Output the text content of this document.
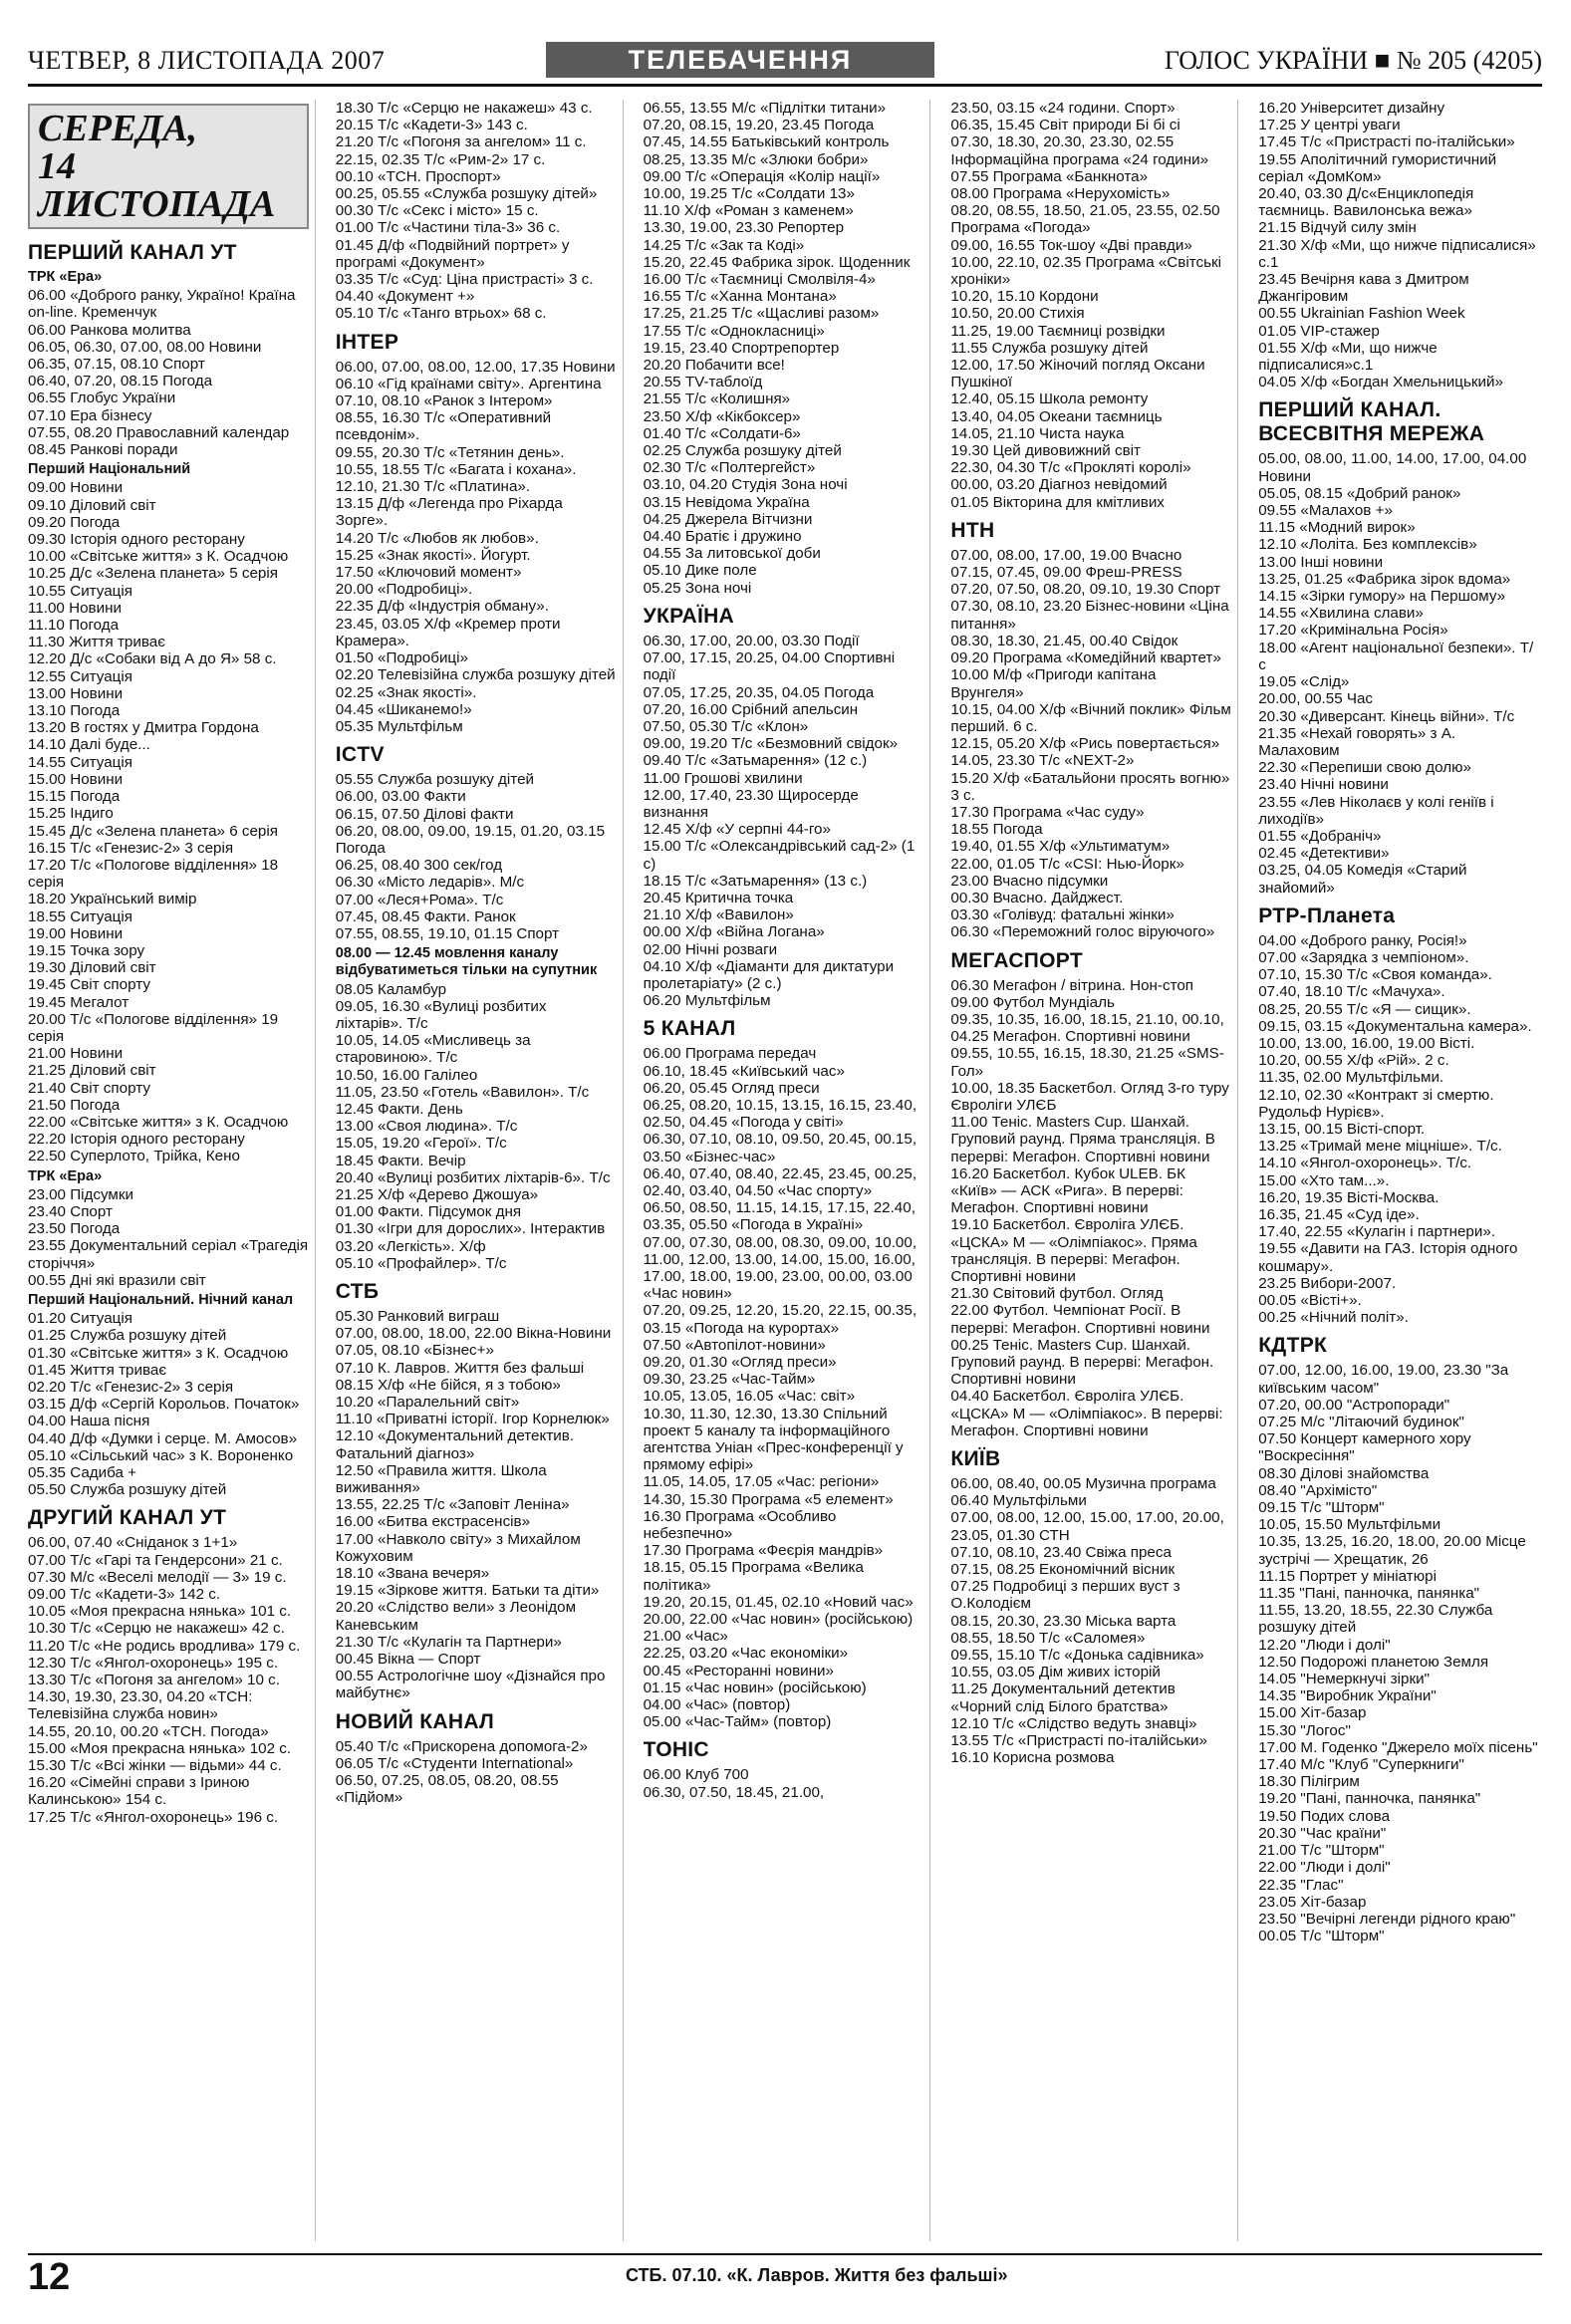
ЧЕТВЕР, 8 ЛИСТОПАДА 2007	ТЕЛЕБАЧЕННЯ	ГОЛОС УКРАЇНИ ■ № 205 (4205)
СЕРЕДА,
14 ЛИСТОПАДА
ПЕРШИЙ КАНАЛ УТ
ТРК «Ера»
06.00 «Доброго ранку, Україно! Країна on-line. Кременчук
06.00 Ранкова молитва
06.05, 06.30, 07.00, 08.00 Новини
06.35, 07.15, 08.10 Спорт
06.40, 07.20, 08.15 Погода
06.55 Глобус України
07.10 Ера бізнесу
07.55, 08.20 Православний календар
08.45 Ранкові поради
Перший Національний
09.00 Новини
09.10 Діловий світ
09.20 Погода
09.30 Історія одного ресторану
10.00 «Світське життя» з К. Осадчою
10.25 Д/с «Зелена планета» 5 серія
10.55 Ситуація
11.00 Новини
11.10 Погода
11.30 Життя триває
12.20 Д/с «Собаки від А до Я» 58 с.
12.55 Ситуація
13.00 Новини
13.10 Погода
13.20 В гостях у Дмитра Гордона
14.10 Далі буде...
14.55 Ситуація
15.00 Новини
15.15 Погода
15.25 Індиго
15.45 Д/с «Зелена планета» 6 серія
16.15 Т/с «Генезис-2» 3 серія
17.20 Т/с «Пологове відділення» 18 серія
18.20 Український вимір
18.55 Ситуація
19.00 Новини
19.15 Точка зору
19.30 Діловий світ
19.45 Світ спорту
19.45 Мегалот
20.00 Т/с «Пологове відділення» 19 серія
21.00 Новини
21.25 Діловий світ
21.40 Світ спорту
21.50 Погода
22.00 «Світське життя» з К. Осадчою
22.20 Історія одного ресторану
22.50 Суперлото, Трійка, Кено
ТРК «Ера»
23.00 Підсумки
23.40 Спорт
23.50 Погода
23.55 Документальний серіал «Трагедія сторіччя»
00.55 Дні які вразили світ
Перший Національний. Нічний канал
01.20 Ситуація
01.25 Служба розшуку дітей
01.30 «Світське життя» з К. Осадчою
01.45 Життя триває
02.20 Т/с «Генезис-2» 3 серія
03.15 Д/ф «Сергій Корольов. Початок»
04.00 Наша пісня
04.40 Д/ф «Думки і серце. М. Амосов»
05.10 «Сільський час» з К. Вороненко
05.35 Садиба +
05.50 Служба розшуку дітей
ДРУГИЙ КАНАЛ УТ
06.00, 07.40 «Сніданок з 1+1»
07.00 Т/с «Гарі та Гендерсони» 21 с.
07.30 М/с «Веселі мелодії — 3» 19 с.
09.00 Т/с «Кадети-3» 142 с.
10.05 «Моя прекрасна нянька» 101 с.
10.30 Т/с «Серцю не накажеш» 42 с.
11.20 Т/с «Не родись вродлива» 179 с.
12.30 Т/с «Янгол-охоронець» 195 с.
13.30 Т/с «Погоня за ангелом» 10 с.
14.30, 19.30, 23.30, 04.20 «ТСН: Телевізійна служба новин»
14.55, 20.10, 00.20 «ТСН. Погода»
15.00 «Моя прекрасна нянька» 102 с.
15.30 Т/с «Всі жінки — відьми» 44 с.
16.20 «Сімейні справи з Іриною Калинською» 154 с.
17.25 Т/с «Янгол-охоронець» 196 с.
18.30 Т/с «Серцю не накажеш» 43 с.
20.15 Т/с «Кадети-3» 143 с.
21.20 Т/с «Погоня за ангелом» 11 с.
22.15, 02.35 Т/с «Рим-2» 17 с.
00.10 «ТСН. Проспорт»
00.25, 05.55 «Служба розшуку дітей»
00.30 Т/с «Секс і місто» 15 с.
01.00 Т/с «Частини тіла-3» 36 с.
01.45 Д/ф «Подвійний портрет» у програмі «Документ»
03.35 Т/с «Суд: Ціна пристрасті» 3 с.
04.40 «Документ +»
05.10 Т/с «Танго втрьох» 68 с.
ІНТЕР
06.00, 07.00, 08.00, 12.00, 17.35 Новини
06.10 «Гід країнами світу». Аргентина
07.10, 08.10 «Ранок з Інтером»
08.55, 16.30 Т/с «Оперативний псевдонім».
09.55, 20.30 Т/с «Тетянин день».
10.55, 18.55 Т/с «Багата і кохана».
12.10, 21.30 Т/с «Платина».
13.15 Д/ф «Легенда про Ріхарда Зорге».
14.20 Т/с «Любов як любов».
15.25 «Знак якості». Йогурт.
17.50 «Ключовий момент»
20.00 «Подробиці».
22.35 Д/ф «Індустрія обману».
23.45, 03.05 Х/ф «Кремер проти Крамера».
01.50 «Подробиці»
02.20 Телевізійна служба розшуку дітей
02.25 «Знак якості».
04.45 «Шиканемо!»
05.35 Мультфільм
ICTV
05.55 Служба розшуку дітей
06.00, 03.00 Факти
06.15, 07.50 Ділові факти
06.20, 08.00, 09.00, 19.15, 01.20, 03.15 Погода
06.25, 08.40 300 сек/год
06.30 «Місто ледарів». М/с
07.00 «Леся+Рома». Т/с
07.45, 08.45 Факти. Ранок
07.55, 08.55, 19.10, 01.15 Спорт
08.00 — 12.45 мовлення каналу відбуватиметься тільки на супутник
08.05 Каламбур
09.05, 16.30 «Вулиці розбитих ліхтарів». Т/с
10.05, 14.05 «Мисливець за старовиною». Т/с
10.50, 16.00 Галілео
11.05, 23.50 «Готель «Вавилон». Т/с
12.45 Факти. День
13.00 «Своя людина». Т/с
15.05, 19.20 «Герої». Т/с
18.45 Факти. Вечір
20.40 «Вулиці розбитих ліхтарів-6». Т/с
21.25 Х/ф «Дерево Джошуа»
01.00 Факти. Підсумок дня
01.30 «Ігри для дорослих». Інтерактив
03.20 «Легкість». Х/ф
05.10 «Профайлер». Т/с
СТБ
05.30 Ранковий виграш
07.00, 08.00, 18.00, 22.00 Вікна-Новини
07.05, 08.10 «Бізнес+»
07.10 К. Лавров. Життя без фальші
08.15 Х/ф «Не бійся, я з тобою»
10.20 «Паралельний світ»
11.10 «Приватні історії. Ігор Корнелюк»
12.10 «Документальний детектив. Фатальний діагноз»
12.50 «Правила життя. Школа виживання»
13.55, 22.25 Т/с «Заповіт Леніна»
16.00 «Битва екстрасенсів»
17.00 «Навколо світу» з Михайлом Кожуховим
18.10 «Звана вечеря»
19.15 «Зіркове життя. Батьки та діти»
20.20 «Слідство вели» з Леонідом Каневським
21.30 Т/с «Кулагін та Партнери»
00.45 Вікна — Спорт
00.55 Астрологічне шоу «Дізнайся про майбутнє»
НОВИЙ КАНАЛ
05.40 Т/с «Прискорена допомога-2»
06.05 Т/с «Студенти International»
06.50, 07.25, 08.05, 08.20, 08.55 «Підйом»
06.55, 13.55 М/с «Підлітки титани»
07.20, 08.15, 19.20, 23.45 Погода
07.45, 14.55 Батьківський контроль
08.25, 13.35 М/с «Злюки бобри»
09.00 Т/с «Операція «Колір нації»
10.00, 19.25 Т/с «Солдати 13»
11.10 Х/ф «Роман з каменем»
13.30, 19.00, 23.30 Репортер
14.25 Т/с «Зак та Коді»
15.20, 22.45 Фабрика зірок. Щоденник
16.00 Т/с «Таємниці Смолвіля-4»
16.55 Т/с «Ханна Монтана»
17.25, 21.25 Т/с «Щасливі разом»
17.55 Т/с «Однокласниці»
19.15, 23.40 Спортрепортер
20.20 Побачити все!
20.55 ТV-таблоїд
21.55 Т/с «Колишня»
23.50 Х/ф «Кікбоксер»
01.40 Т/с «Солдати-6»
02.25 Служба розшуку дітей
02.30 Т/с «Полтергейст»
03.10, 04.20 Студія Зона ночі
03.15 Невідома Україна
04.25 Джерела Вітчизни
04.40 Братіє і дружино
04.55 За литовської доби
05.10 Дике поле
05.25 Зона ночі
УКРАЇНА
06.30, 17.00, 20.00, 03.30 Події
07.00, 17.15, 20.25, 04.00 Спортивні події
07.05, 17.25, 20.35, 04.05 Погода
07.20, 16.00 Срібний апельсин
07.50, 05.30 Т/с «Клон»
09.00, 19.20 Т/с «Безмовний свідок»
09.40 Т/с «Затьмарення» (12 с.)
11.00 Грошові хвилини
12.00, 17.40, 23.30 Щиросерде визнання
12.45 Х/ф «У серпні 44-го»
15.00 Т/с «Олександрівський сад-2» (1 с)
18.15 Т/с «Затьмарення» (13 с.)
20.45 Критична точка
21.10 Х/ф «Вавилон»
00.00 Х/ф «Війна Логана»
02.00 Нічні розваги
04.10 Х/ф «Діаманти для диктатури пролетаріату» (2 с.)
06.20 Мультфільм
5 КАНАЛ
06.00 Програма передач
06.10, 18.45 «Київський час»
06.20, 05.45 Огляд преси
06.25, 08.20, 10.15, 13.15, 16.15, 23.40, 02.50, 04.45 «Погода у світі»
06.30, 07.10, 08.10, 09.50, 20.45, 00.15, 03.50 «Бізнес-час»
06.40, 07.40, 08.40, 22.45, 23.45, 00.25, 02.40, 03.40, 04.50 «Час спорту»
06.50, 08.50, 11.15, 14.15, 17.15, 22.40, 03.35, 05.50 «Погода в Україні»
07.00, 07.30, 08.00, 08.30, 09.00, 10.00, 11.00, 12.00, 13.00, 14.00, 15.00, 16.00, 17.00, 18.00, 19.00, 23.00, 00.00, 03.00 «Час новин»
07.20, 09.25, 12.20, 15.20, 22.15, 00.35, 03.15 «Погода на курортах»
07.50 «Автопілот-новини»
09.20, 01.30 «Огляд преси»
09.30, 23.25 «Час-Тайм»
10.05, 13.05, 16.05 «Час: світ»
10.30, 11.30, 12.30, 13.30 Спільний проект 5 каналу та інформаційного агентства Уніан «Прес-конференції у прямому ефірі»
11.05, 14.05, 17.05 «Час: регіони»
14.30, 15.30 Програма «5 елемент»
16.30 Програма «Особливо небезпечно»
17.30 Програма «Феєрія мандрів»
18.15, 05.15 Програма «Велика політика»
19.20, 20.15, 01.45, 02.10 «Новий час»
20.00, 22.00 «Час новин» (російською)
21.00 «Час»
22.25, 03.20 «Час економіки»
00.45 «Ресторанні новини»
01.15 «Час новин» (російською)
04.00 «Час» (повтор)
05.00 «Час-Тайм» (повтор)
ТОНІС
06.00 Клуб 700
06.30, 07.50, 18.45, 21.00,
23.50, 03.15 «24 години. Спорт»
06.35, 15.45 Світ природи Бі бі сі
07.30, 18.30, 20.30, 23.30, 02.55 Інформаційна програма «24 години»
07.55 Програма «Банкнота»
08.00 Програма «Нерухомість»
08.20, 08.55, 18.50, 21.05, 23.55, 02.50 Програма «Погода»
09.00, 16.55 Ток-шоу «Дві правди»
10.00, 22.10, 02.35 Програма «Світські хроніки»
10.20, 15.10 Кордони
10.50, 20.00 Стихія
11.25, 19.00 Таємниці розвідки
11.55 Служба розшуку дітей
12.00, 17.50 Жіночий погляд Оксани Пушкіної
12.40, 05.15 Школа ремонту
13.40, 04.05 Океани таємниць
14.05, 21.10 Чиста наука
19.30 Цей дивовижний світ
22.30, 04.30 Т/с «Прокляті королі»
00.00, 03.20 Діагноз невідомий
01.05 Вікторина для кмітливих
НТН
07.00, 08.00, 17.00, 19.00 Вчасно
07.15, 07.45, 09.00 Фреш-PRESS
07.20, 07.50, 08.20, 09.10, 19.30 Спорт
07.30, 08.10, 23.20 Бізнес-новини «Ціна питання»
08.30, 18.30, 21.45, 00.40 Свідок
09.20 Програма «Комедійний квартет»
10.00 М/ф «Пригоди капітана Врунгеля»
10.15, 04.00 Х/ф «Вічний поклик» Фільм перший. 6 с.
12.15, 05.20 Х/ф «Рись повертається»
14.05, 23.30 Т/с «NEXT-2»
15.20 Х/ф «Батальйони просять вогню» 3 с.
17.30 Програма «Час суду»
18.55 Погода
19.40, 01.55 Х/ф «Ультиматум»
22.00, 01.05 Т/с «CSI: Нью-Йорк»
23.00 Вчасно підсумки
00.30 Вчасно. Дайджест.
03.30 «Голівуд: фатальні жінки»
06.30 «Переможний голос віруючого»
МЕГАСПОРТ
06.30 Мегафон / вітрина. Нон-стоп
09.00 Футбол Мундіаль
09.35, 10.35, 16.00, 18.15, 21.10, 00.10, 04.25 Мегафон. Спортивні новини
09.55, 10.55, 16.15, 18.30, 21.25 «SMS-Гол»
10.00, 18.35 Баскетбол. Огляд 3-го туру Євроліги УЛЄБ
11.00 Теніс. Masters Cup. Шанхай. Груповий раунд. Пряма трансляція. В перерві: Мегафон. Спортивні новини
16.20 Баскетбол. Кубок ULEB. БК «Київ» — АСК «Рига». В перерві: Мегафон. Спортивні новини
19.10 Баскетбол. Євроліга УЛЄБ. «ЦСКА» М — «Олімпіакос». Пряма трансляція. В перерві: Мегафон. Спортивні новини
21.30 Світовий футбол. Огляд
22.00 Футбол. Чемпіонат Росії. В перерві: Мегафон. Спортивні новини
00.25 Теніс. Masters Cup. Шанхай. Груповий раунд. В перерві: Мегафон. Спортивні новини
04.40 Баскетбол. Євроліга УЛЄБ. «ЦСКА» М — «Олімпіакос». В перерві: Мегафон. Спортивні новини
КИЇВ
06.00, 08.40, 00.05 Музична програма
06.40 Мультфільми
07.00, 08.00, 12.00, 15.00, 17.00, 20.00, 23.05, 01.30 СТН
07.10, 08.10, 23.40 Свіжа преса
07.15, 08.25 Економічний вісник
07.25 Подробиці з перших вуст з О.Колодієм
08.15, 20.30, 23.30 Міська варта
08.55, 18.50 Т/с «Саломея»
09.55, 15.10 Т/с «Донька садівника»
10.55, 03.05 Дім живих історій
11.25 Документальний детектив «Чорний слід Білого братства»
12.10 Т/с «Слідство ведуть знавці»
13.55 Т/с «Пристрасті по-італійськи»
16.10 Корисна розмова
16.20 Університет дизайну
17.25 У центрі уваги
17.45 Т/с «Пристрасті по-італійськи»
19.55 Аполітичний гумористичний серіал «ДомКом»
20.40, 03.30 Д/с«Енциклопедія таємниць. Вавилонська вежа»
21.15 Відчуй силу змін
21.30 Х/ф «Ми, що нижче підписалися» с.1
23.45 Вечірня кава з Дмитром Джангіровим
00.55 Ukrainian Fashion Week
01.05 VIP-стажер
01.55 Х/ф «Ми, що нижче підписалися»с.1
04.05 Х/ф «Богдан Хмельницький»
ПЕРШИЙ КАНАЛ. ВСЕСВІТНЯ МЕРЕЖА
05.00, 08.00, 11.00, 14.00, 17.00, 04.00 Новини
05.05, 08.15 «Добрий ранок»
09.55 «Малахов +»
11.15 «Модний вирок»
12.10 «Лоліта. Без комплексів»
13.00 Інші новини
13.25, 01.25 «Фабрика зірок вдома»
14.15 «Зірки гумору» на Першому»
14.55 «Хвилина слави»
17.20 «Кримінальна Росія»
18.00 «Агент національної безпеки». Т/с
19.05 «Слід»
20.00, 00.55 Час
20.30 «Диверсант. Кінець війни». Т/с
21.35 «Нехай говорять» з А. Малаховим
22.30 «Перепиши свою долю»
23.40 Нічні новини
23.55 «Лев Ніколаєв у колі геніїв і лиходіїв»
01.55 «Добраніч»
02.45 «Детективи»
03.25, 04.05 Комедія «Старий знайомий»
РТР-Планета
04.00 «Доброго ранку, Росія!»
07.00 «Зарядка з чемпіоном».
07.10, 15.30 Т/с «Своя команда».
07.40, 18.10 Т/с «Мачуха».
08.25, 20.55 Т/с «Я — сищик».
09.15, 03.15 «Документальна камера».
10.00, 13.00, 16.00, 19.00 Вісті.
10.20, 00.55 Х/ф «Рій». 2 с.
11.35, 02.00 Мультфільми.
12.10, 02.30 «Контракт зі смертю. Рудольф Нурієв».
13.15, 00.15 Вісті-спорт.
13.25 «Тримай мене міцніше». Т/с.
14.10 «Янгол-охоронець». Т/с.
15.00 «Хто там...».
16.20, 19.35 Вісті-Москва.
16.35, 21.45 «Суд іде».
17.40, 22.55 «Кулагін і партнери».
19.55 «Давити на ГАЗ. Історія одного кошмару».
23.25 Вибори-2007.
00.05 «Вісті+».
00.25 «Нічний політ».
КДТРК
07.00, 12.00, 16.00, 19.00, 23.30 "За київським часом"
07.20, 00.00 "Астропоради"
07.25 М/с "Літаючий будинок"
07.50 Концерт камерного хору "Воскресіння"
08.30 Ділові знайомства
08.40 "Архімісто"
09.15 Т/с "Шторм"
10.05, 15.50 Мультфільми
10.35, 13.25, 16.20, 18.00, 20.00 Місце зустрічі — Хрещатик, 26
11.15 Портрет у мініатюрі
11.35 "Пані, панночка, панянка"
11.55, 13.20, 18.55, 22.30 Служба розшуку дітей
12.20 "Люди і долі"
12.50 Подорожі планетою Земля
14.05 "Немеркнучі зірки"
14.35 "Виробник України"
15.00 Хіт-базар
15.30 "Логос"
17.00 М. Годенко "Джерело моїх пісень"
17.40 М/с "Клуб "Суперкниги"
18.30 Пілігрим
19.20 "Пані, панночка, панянка"
19.50 Подих слова
20.30 "Час країни"
21.00 Т/с "Шторм"
22.00 "Люди і долі"
22.35 "Глас"
23.05 Хіт-базар
23.50 "Вечірні легенди рідного краю"
00.05 Т/с "Шторм"
12	СТБ. 07.10. «К. Лавров. Життя без фальші»
